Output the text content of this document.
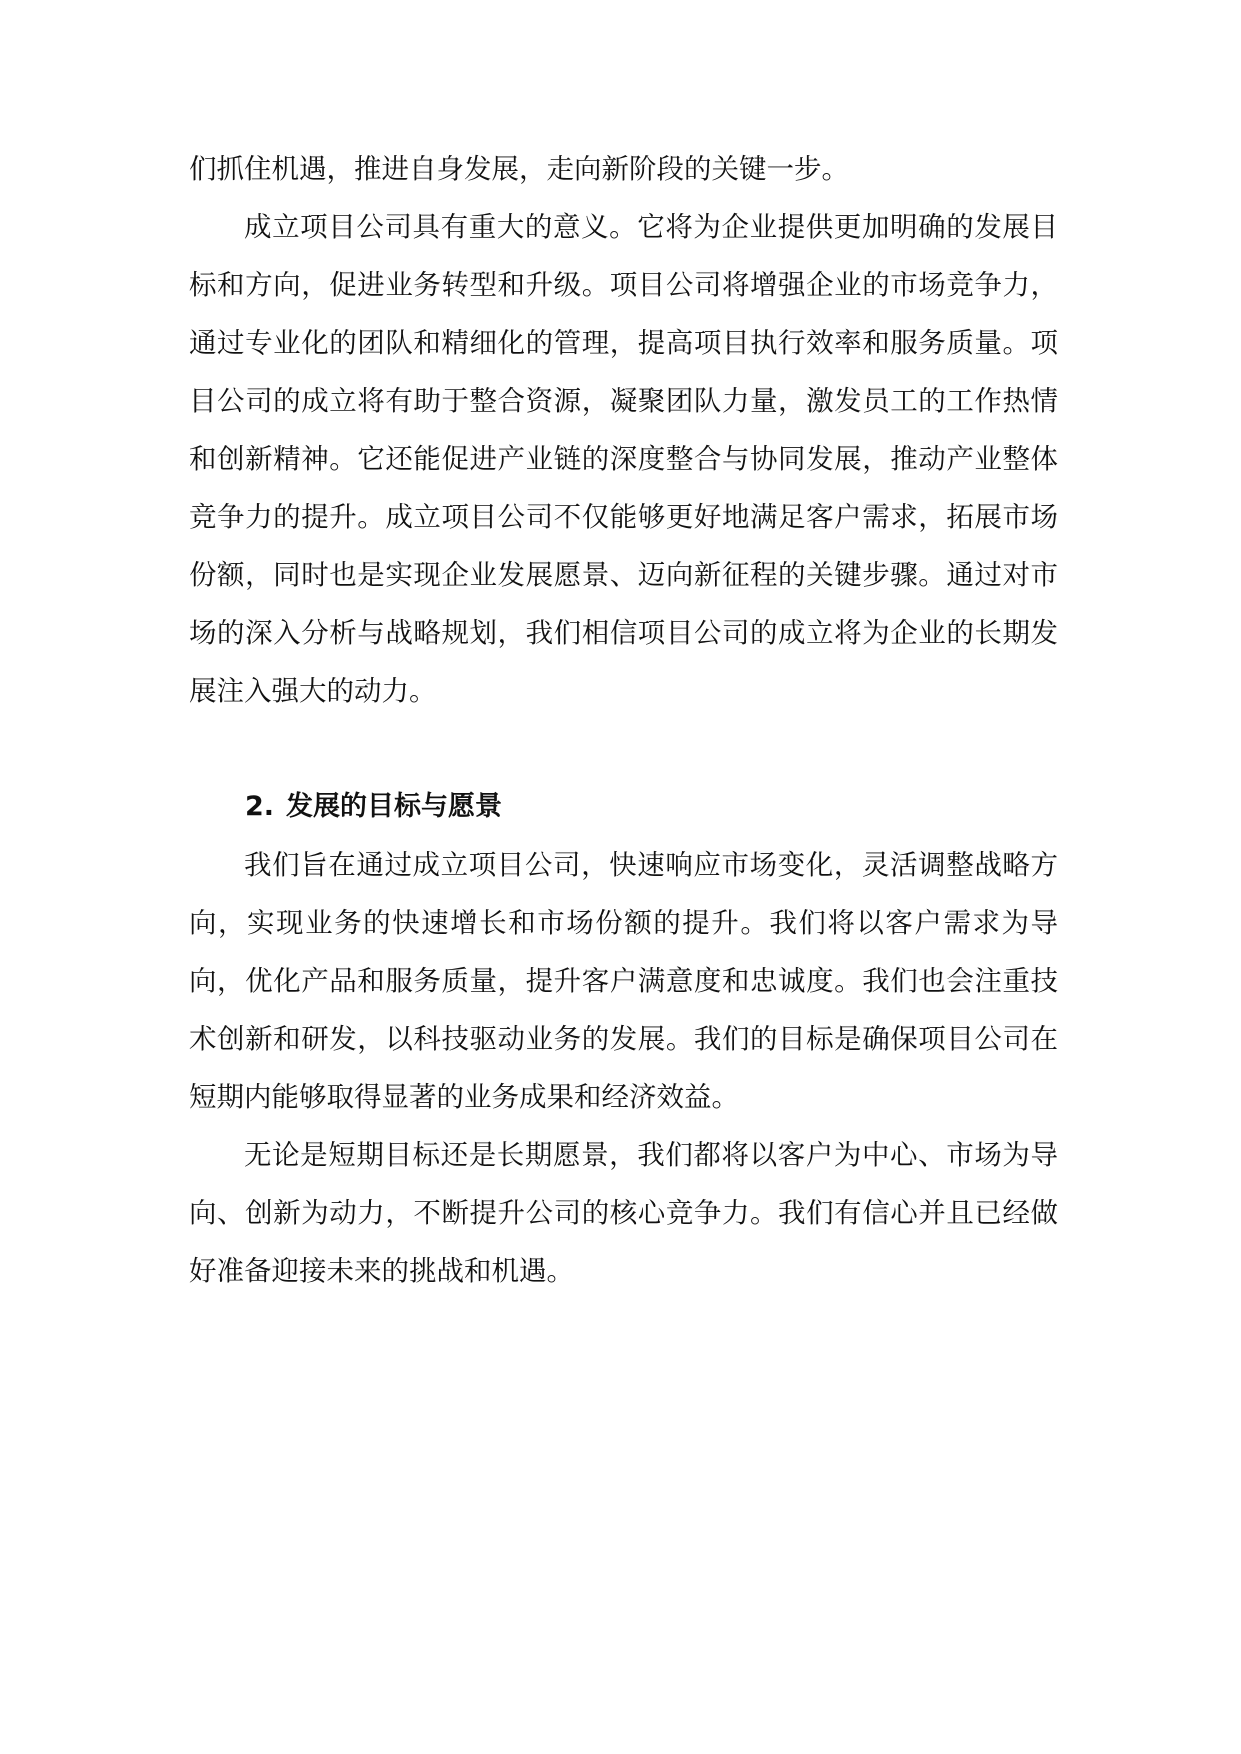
们抓住机遇，推进自身发展，走向新阶段的关键一步。

成立项目公司具有重大的意义。它将为企业提供更加明确的发展目标和方向，促进业务转型和升级。项目公司将增强企业的市场竞争力，通过专业化的团队和精细化的管理，提高项目执行效率和服务质量。项目公司的成立将有助于整合资源，凝聚团队力量，激发员工的工作热情和创新精神。它还能促进产业链的深度整合与协同发展，推动产业整体竞争力的提升。成立项目公司不仅能够更好地满足客户需求，拓展市场份额，同时也是实现企业发展愿景、迈向新征程的关键步骤。通过对市场的深入分析与战略规划，我们相信项目公司的成立将为企业的长期发展注入强大的动力。

2. 发展的目标与愿景

我们旨在通过成立项目公司，快速响应市场变化，灵活调整战略方向，实现业务的快速增长和市场份额的提升。我们将以客户需求为导向，优化产品和服务质量，提升客户满意度和忠诚度。我们也会注重技术创新和研发，以科技驱动业务的发展。我们的目标是确保项目公司在短期内能够取得显著的业务成果和经济效益。

无论是短期目标还是长期愿景，我们都将以客户为中心、市场为导向、创新为动力，不断提升公司的核心竞争力。我们有信心并且已经做好准备迎接未来的挑战和机遇。
